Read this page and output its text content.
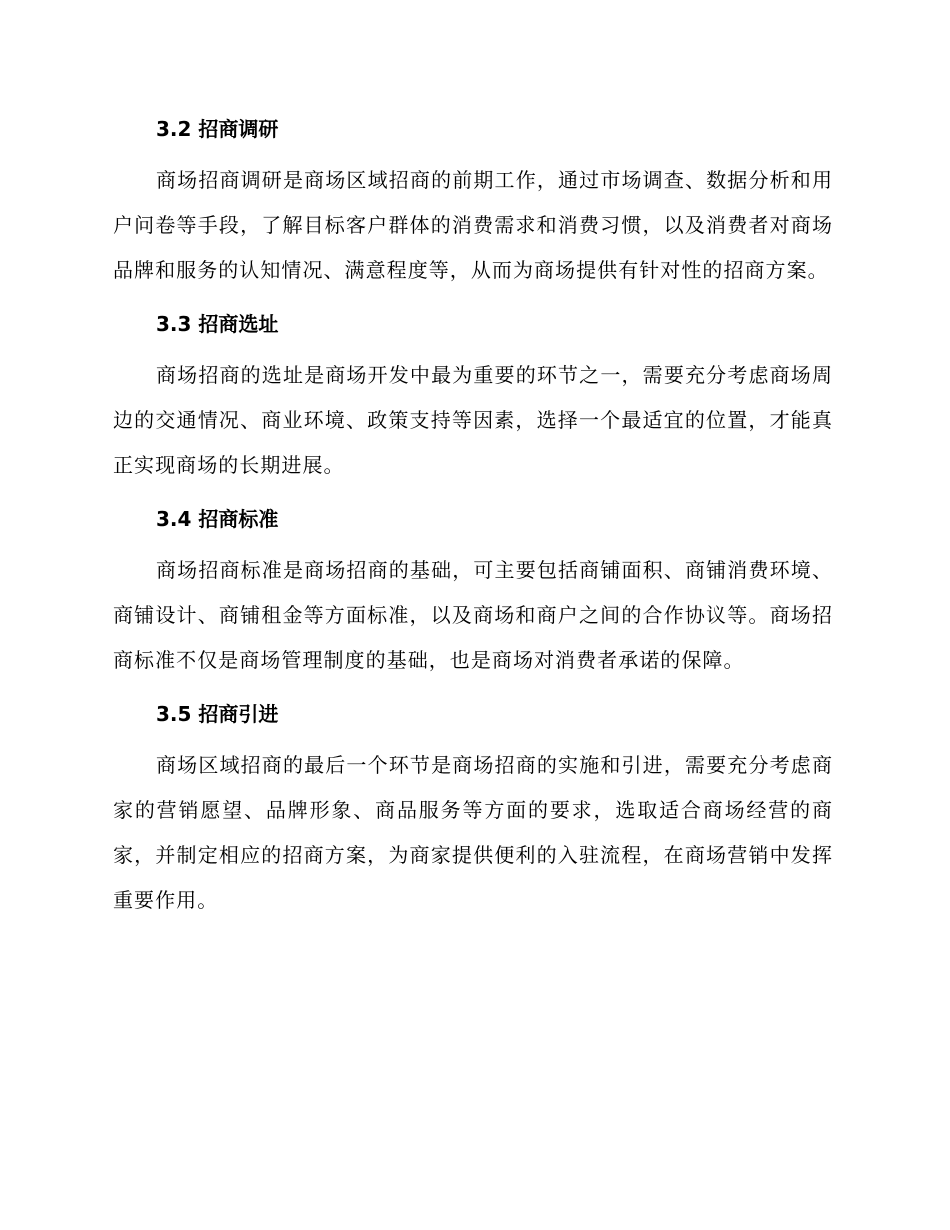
3.2 招商调研
商场招商调研是商场区域招商的前期工作，通过市场调查、数据分析和用户问卷等手段，了解目标客户群体的消费需求和消费习惯，以及消费者对商场品牌和服务的认知情况、满意程度等，从而为商场提供有针对性的招商方案。
3.3 招商选址
商场招商的选址是商场开发中最为重要的环节之一，需要充分考虑商场周边的交通情况、商业环境、政策支持等因素，选择一个最适宜的位置，才能真正实现商场的长期进展。
3.4 招商标准
商场招商标准是商场招商的基础，可主要包括商铺面积、商铺消费环境、商铺设计、商铺租金等方面标准，以及商场和商户之间的合作协议等。商场招商标准不仅是商场管理制度的基础，也是商场对消费者承诺的保障。
3.5 招商引进
商场区域招商的最后一个环节是商场招商的实施和引进，需要充分考虑商家的营销愿望、品牌形象、商品服务等方面的要求，选取适合商场经营的商家，并制定相应的招商方案，为商家提供便利的入驻流程，在商场营销中发挥重要作用。
